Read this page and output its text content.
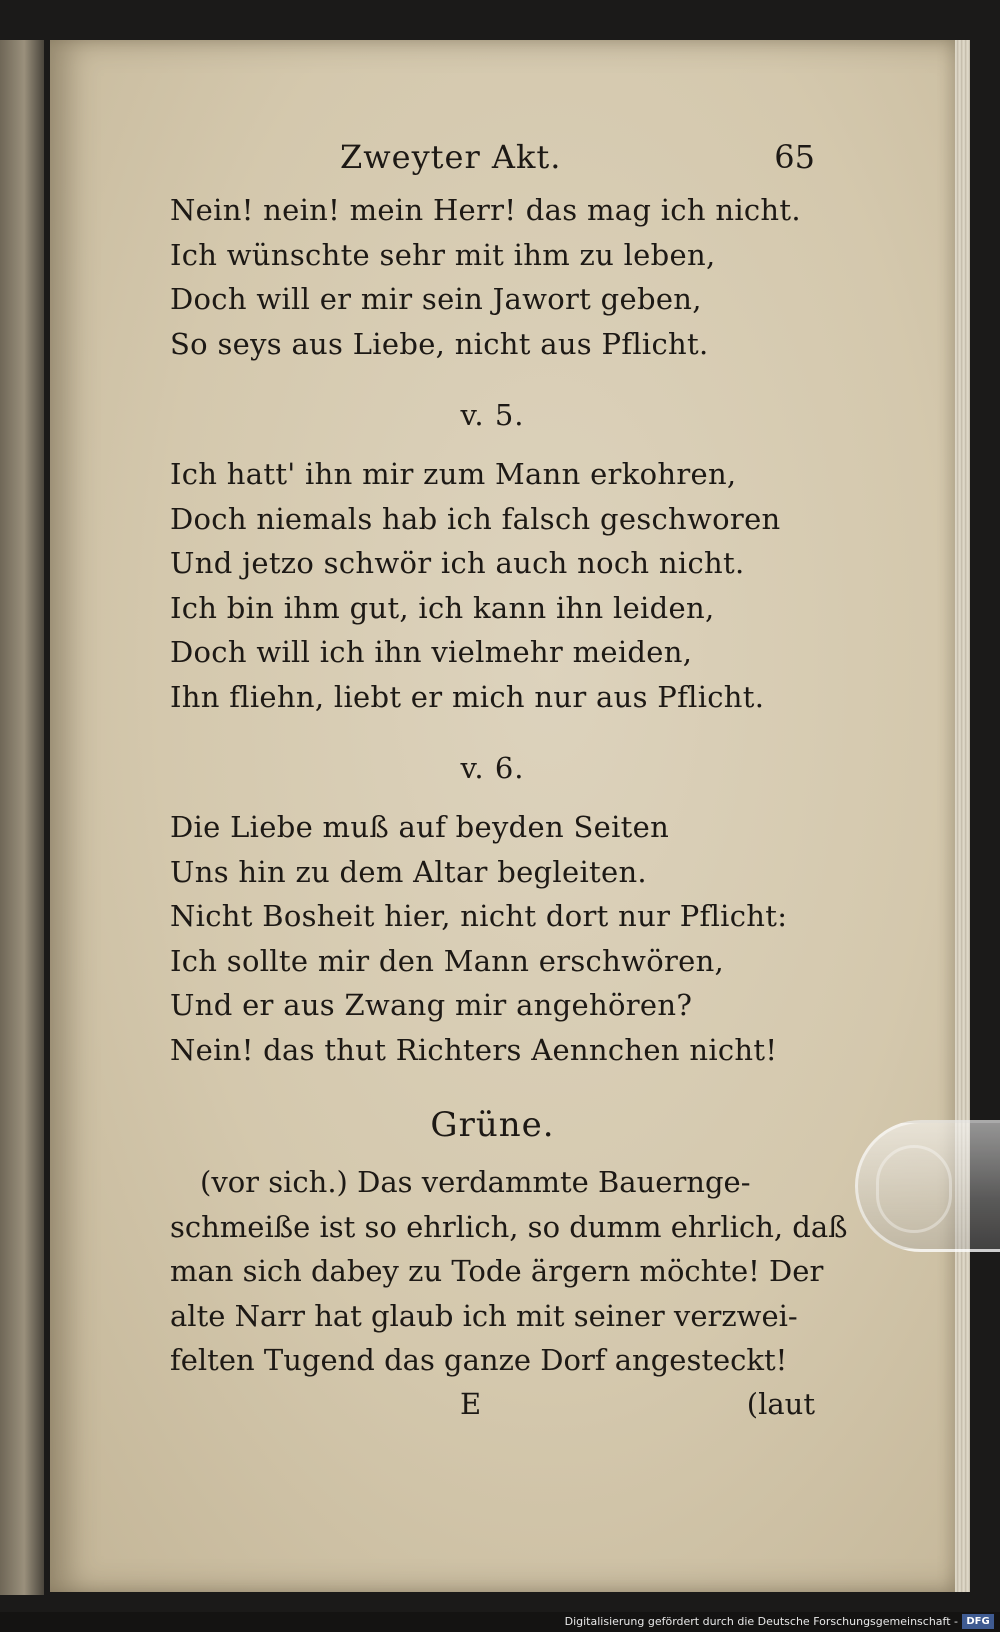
Zweyter Akt.	65
Nein! nein! mein Herr! das mag ich nicht.
Ich wünschte sehr mit ihm zu leben,
Doch will er mir sein Jawort geben,
So seys aus Liebe, nicht aus Pflicht.
v. 5.
Ich hatt' ihn mir zum Mann erkohren,
Doch niemals hab ich falsch geschworen
Und jetzo schwör ich auch noch nicht.
Ich bin ihm gut, ich kann ihn leiden,
Doch will ich ihn vielmehr meiden,
Ihn fliehn, liebt er mich nur aus Pflicht.
v. 6.
Die Liebe muß auf beyden Seiten
Uns hin zu dem Altar begleiten.
Nicht Bosheit hier, nicht dort nur Pflicht:
Ich sollte mir den Mann erschwören,
Und er aus Zwang mir angehören?
Nein! das thut Richters Aennchen nicht!
Grüne.
(vor sich.) Das verdammte Bauernge-
schmeiße ist so ehrlich, so dumm ehrlich, daß
man sich dabey zu Tode ärgern möchte! Der
alte Narr hat glaub ich mit seiner verzwei-
felten Tugend das ganze Dorf angesteckt!
E	(laut
Digitalisierung gefördert durch die Deutsche Forschungsgemeinschaft - DFG
